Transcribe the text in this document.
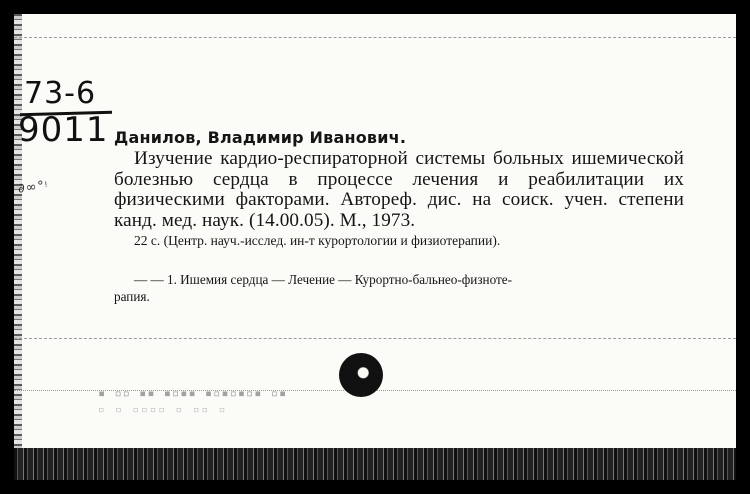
73-6
9011
∂∞°ᵎ

Данилов, Владимир Иванович.

Изучение кардио-респираторной системы больных ишемической болезнью сердца в процессе лечения и реабилитации их физическими факторами. Автореф. дис. на соиск. учен. степени канд. мед. наук. (14.00.05). М., 1973.

22 с. (Центр. науч.-исслед. ин-т курортологии и физиотерапии).

— — 1. Ишемия сердца — Лечение — Курортно-бальнео-физноте-
рапия.

▪ ▫▫ ▪▪ ▪▫▪▪ ▪▫▪▫▪▫▪ ▫▪
▫ ▫ ▫▫▫▫ ▫ ▫▫ ▫
